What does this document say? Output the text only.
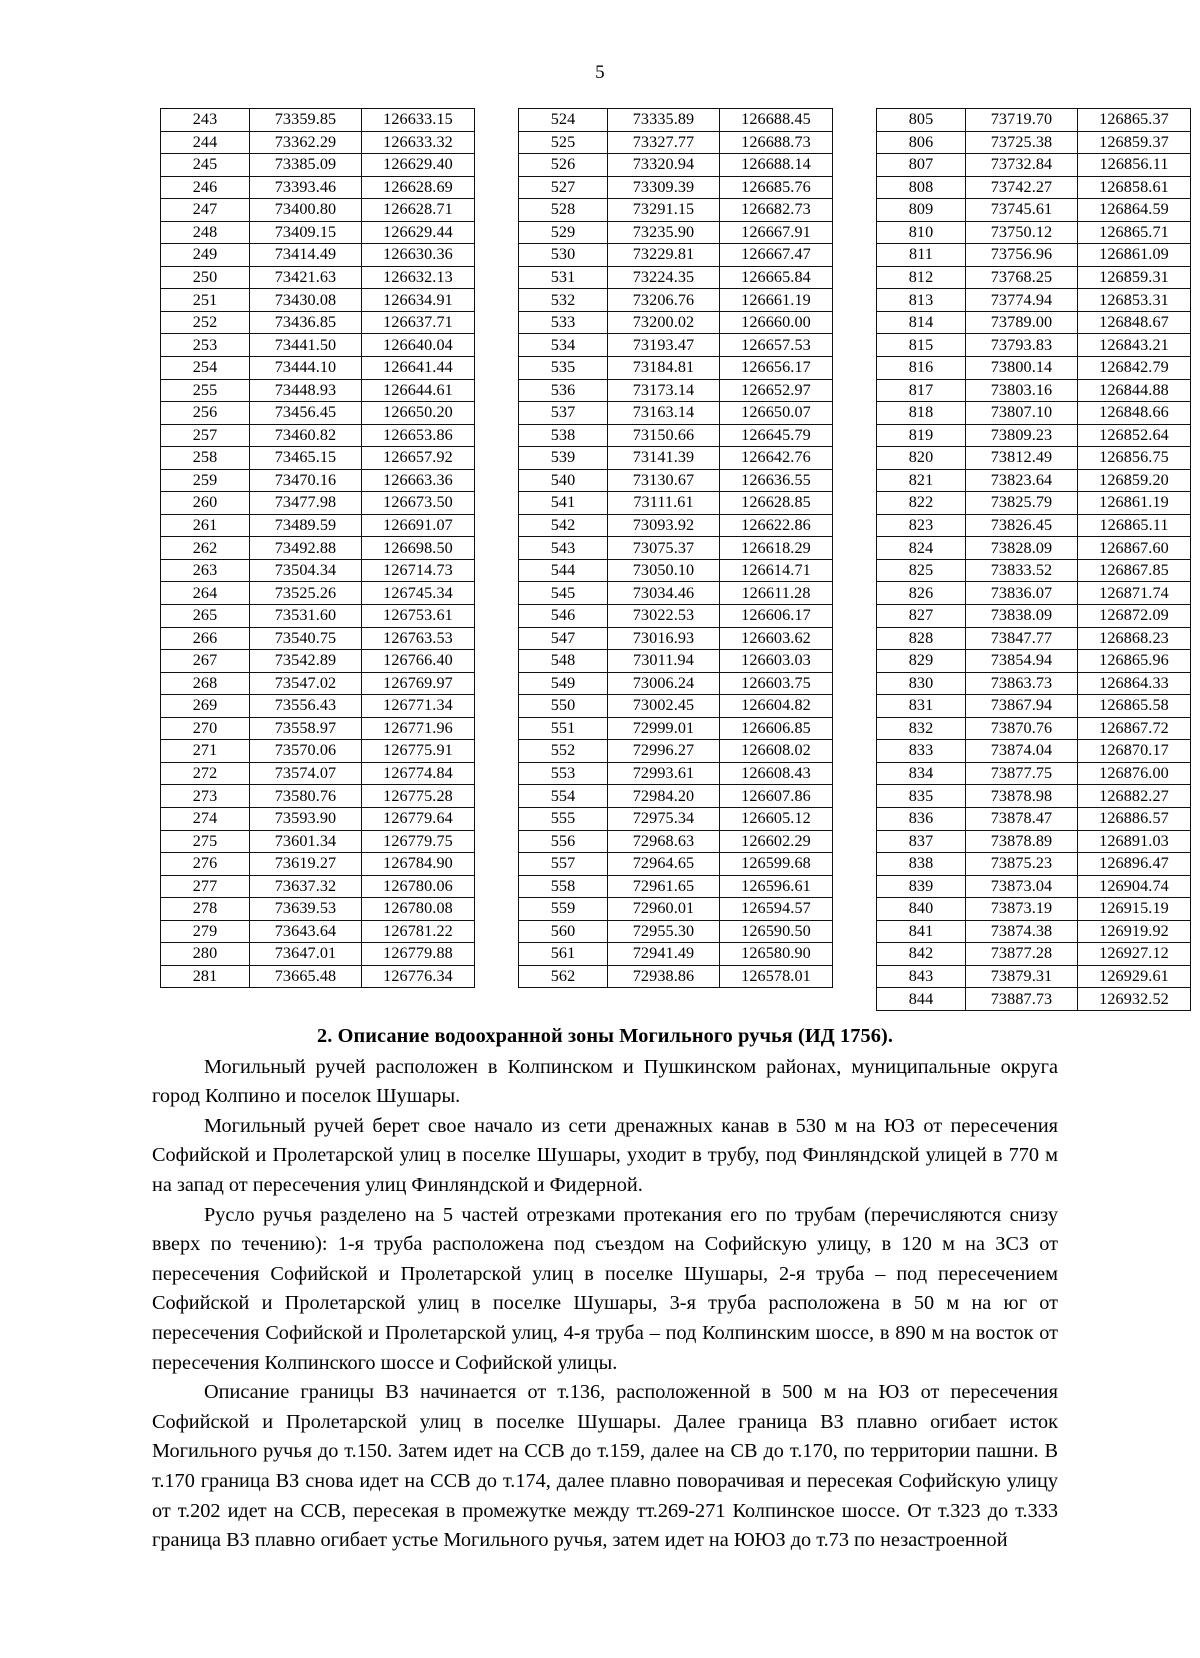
5
243	73359.85	126633.15
244	73362.29	126633.32
245	73385.09	126629.40
246	73393.46	126628.69
247	73400.80	126628.71
248	73409.15	126629.44
249	73414.49	126630.36
250	73421.63	126632.13
251	73430.08	126634.91
252	73436.85	126637.71
253	73441.50	126640.04
254	73444.10	126641.44
255	73448.93	126644.61
256	73456.45	126650.20
257	73460.82	126653.86
258	73465.15	126657.92
259	73470.16	126663.36
260	73477.98	126673.50
261	73489.59	126691.07
262	73492.88	126698.50
263	73504.34	126714.73
264	73525.26	126745.34
265	73531.60	126753.61
266	73540.75	126763.53
267	73542.89	126766.40
268	73547.02	126769.97
269	73556.43	126771.34
270	73558.97	126771.96
271	73570.06	126775.91
272	73574.07	126774.84
273	73580.76	126775.28
274	73593.90	126779.64
275	73601.34	126779.75
276	73619.27	126784.90
277	73637.32	126780.06
278	73639.53	126780.08
279	73643.64	126781.22
280	73647.01	126779.88
281	73665.48	126776.34
524	73335.89	126688.45
525	73327.77	126688.73
526	73320.94	126688.14
527	73309.39	126685.76
528	73291.15	126682.73
529	73235.90	126667.91
530	73229.81	126667.47
531	73224.35	126665.84
532	73206.76	126661.19
533	73200.02	126660.00
534	73193.47	126657.53
535	73184.81	126656.17
536	73173.14	126652.97
537	73163.14	126650.07
538	73150.66	126645.79
539	73141.39	126642.76
540	73130.67	126636.55
541	73111.61	126628.85
542	73093.92	126622.86
543	73075.37	126618.29
544	73050.10	126614.71
545	73034.46	126611.28
546	73022.53	126606.17
547	73016.93	126603.62
548	73011.94	126603.03
549	73006.24	126603.75
550	73002.45	126604.82
551	72999.01	126606.85
552	72996.27	126608.02
553	72993.61	126608.43
554	72984.20	126607.86
555	72975.34	126605.12
556	72968.63	126602.29
557	72964.65	126599.68
558	72961.65	126596.61
559	72960.01	126594.57
560	72955.30	126590.50
561	72941.49	126580.90
562	72938.86	126578.01
805	73719.70	126865.37
806	73725.38	126859.37
807	73732.84	126856.11
808	73742.27	126858.61
809	73745.61	126864.59
810	73750.12	126865.71
811	73756.96	126861.09
812	73768.25	126859.31
813	73774.94	126853.31
814	73789.00	126848.67
815	73793.83	126843.21
816	73800.14	126842.79
817	73803.16	126844.88
818	73807.10	126848.66
819	73809.23	126852.64
820	73812.49	126856.75
821	73823.64	126859.20
822	73825.79	126861.19
823	73826.45	126865.11
824	73828.09	126867.60
825	73833.52	126867.85
826	73836.07	126871.74
827	73838.09	126872.09
828	73847.77	126868.23
829	73854.94	126865.96
830	73863.73	126864.33
831	73867.94	126865.58
832	73870.76	126867.72
833	73874.04	126870.17
834	73877.75	126876.00
835	73878.98	126882.27
836	73878.47	126886.57
837	73878.89	126891.03
838	73875.23	126896.47
839	73873.04	126904.74
840	73873.19	126915.19
841	73874.38	126919.92
842	73877.28	126927.12
843	73879.31	126929.61
844	73887.73	126932.52

2. Описание водоохранной зоны Могильного ручья (ИД 1756).

Могильный ручей расположен в Колпинском и Пушкинском районах, муниципальные округа город Колпино и поселок Шушары.

Могильный ручей берет свое начало из сети дренажных канав в 530 м на ЮЗ от пересечения Софийской и Пролетарской улиц в поселке Шушары, уходит в трубу, под Финляндской улицей в 770 м на запад от пересечения улиц Финляндской и Фидерной.

Русло ручья разделено на 5 частей отрезками протекания его по трубам (перечисляются снизу вверх по течению): 1-я труба расположена под съездом на Софийскую улицу, в 120 м на ЗСЗ от пересечения Софийской и Пролетарской улиц в поселке Шушары, 2-я труба – под пересечением Софийской и Пролетарской улиц в поселке Шушары, 3-я труба расположена в 50 м на юг от пересечения Софийской и Пролетарской улиц, 4-я труба – под Колпинским шоссе, в 890 м на восток от пересечения Колпинского шоссе и Софийской улицы.

Описание границы ВЗ начинается от т.136, расположенной в 500 м на ЮЗ от пересечения Софийской и Пролетарской улиц в поселке Шушары. Далее граница ВЗ плавно огибает исток Могильного ручья до т.150. Затем идет на ССВ до т.159, далее на СВ до т.170, по территории пашни. В т.170 граница ВЗ снова идет на ССВ до т.174, далее плавно поворачивая и пересекая Софийскую улицу от т.202 идет на ССВ, пересекая в промежутке между тт.269-271 Колпинское шоссе. От т.323 до т.333 граница ВЗ плавно огибает устье Могильного ручья, затем идет на ЮЮЗ до т.73 по незастроенной
